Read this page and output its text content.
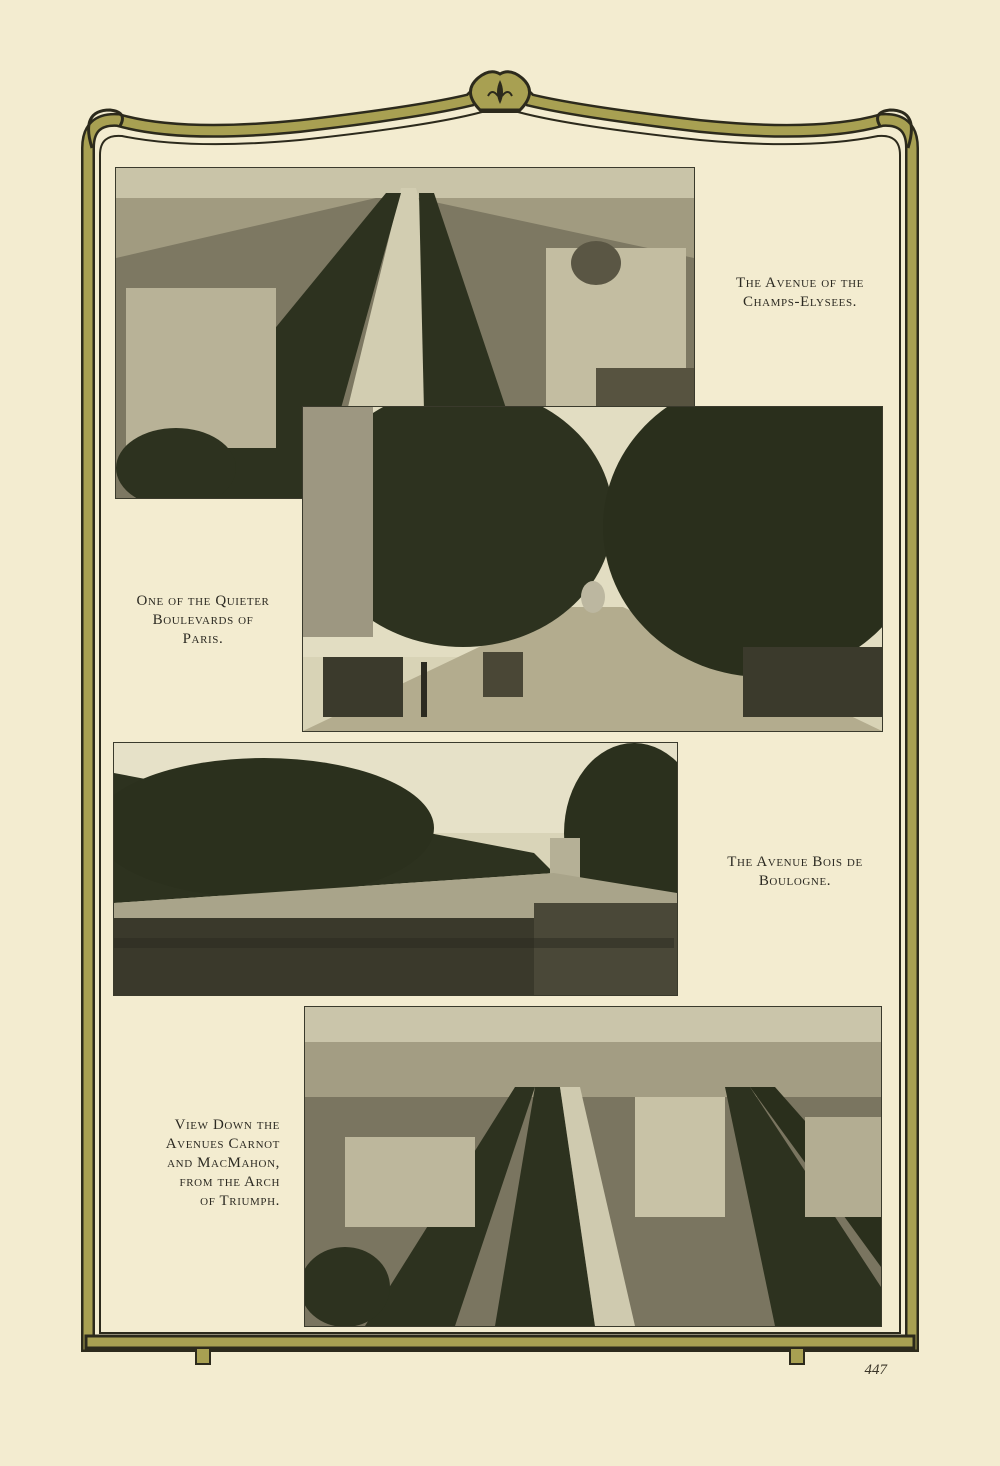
The Avenue of the
Champs-Elysees.
One of the Quieter
Boulevards of
Paris.
The Avenue Bois de
Boulogne.
View Down the
Avenues Carnot
and MacMahon,
from the Arch
of Triumph.
447
